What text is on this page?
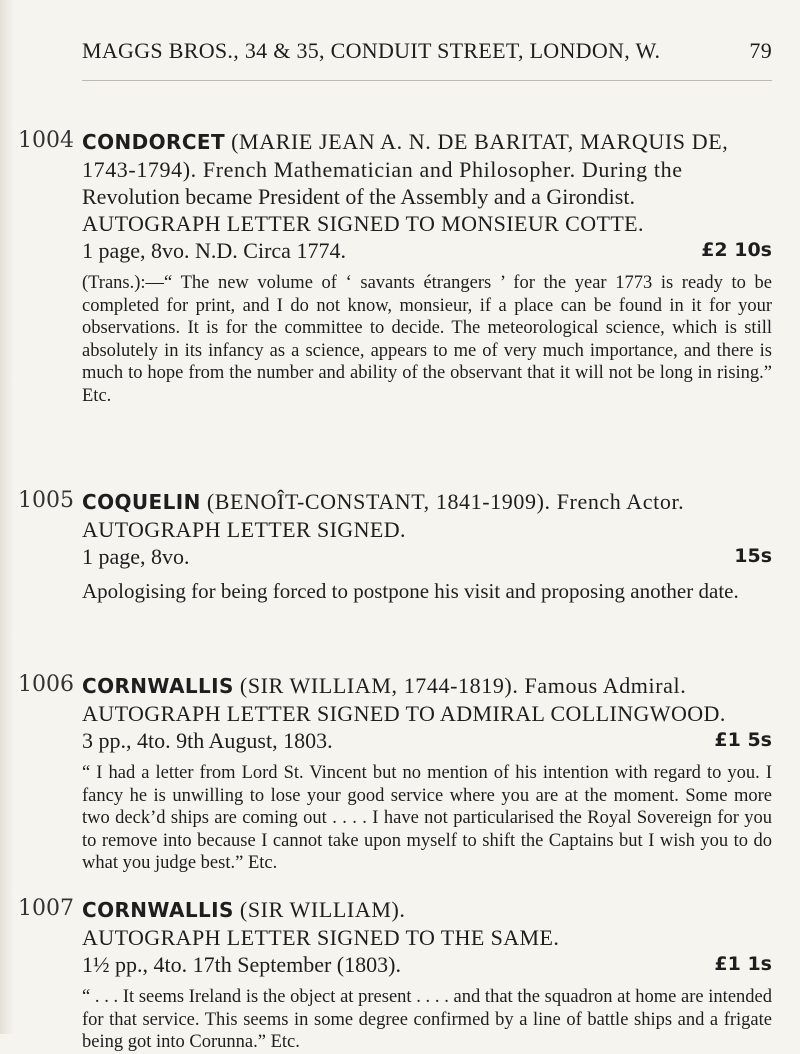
MAGGS BROS., 34 & 35, CONDUIT STREET, LONDON, W.	79
1004 CONDORCET (MARIE JEAN A. N. DE BARITAT, MARQUIS DE,
1743-1794). French Mathematician and Philosopher. During the
Revolution became President of the Assembly and a Girondist.
AUTOGRAPH LETTER SIGNED TO MONSIEUR COTTE.
1 page, 8vo. N.D. Circa 1774.	£2 10s
(Trans.):—“ The new volume of ‘ savants étrangers ’ for the year 1773 is ready to be completed for print, and I do not know, monsieur, if a place can be found in it for your observations. It is for the committee to decide. The meteorological science, which is still absolutely in its infancy as a science, appears to me of very much importance, and there is much to hope from the number and ability of the observant that it will not be long in rising.” Etc.
1005 COQUELIN (BENOÎT-CONSTANT, 1841-1909). French Actor.
AUTOGRAPH LETTER SIGNED.
1 page, 8vo.	15s
Apologising for being forced to postpone his visit and proposing another date.
1006 CORNWALLIS (SIR WILLIAM, 1744-1819). Famous Admiral.
AUTOGRAPH LETTER SIGNED TO ADMIRAL COLLINGWOOD.
3 pp., 4to. 9th August, 1803.	£1 5s
“ I had a letter from Lord St. Vincent but no mention of his intention with regard to you. I fancy he is unwilling to lose your good service where you are at the moment. Some more two deck’d ships are coming out . . . . I have not particularised the Royal Sovereign for you to remove into because I cannot take upon myself to shift the Captains but I wish you to do what you judge best.” Etc.
1007 CORNWALLIS (SIR WILLIAM).
AUTOGRAPH LETTER SIGNED TO THE SAME.
1½ pp., 4to. 17th September (1803).	£1 1s
“ . . . It seems Ireland is the object at present . . . . and that the squadron at home are intended for that service. This seems in some degree confirmed by a line of battle ships and a frigate being got into Corunna.” Etc.
